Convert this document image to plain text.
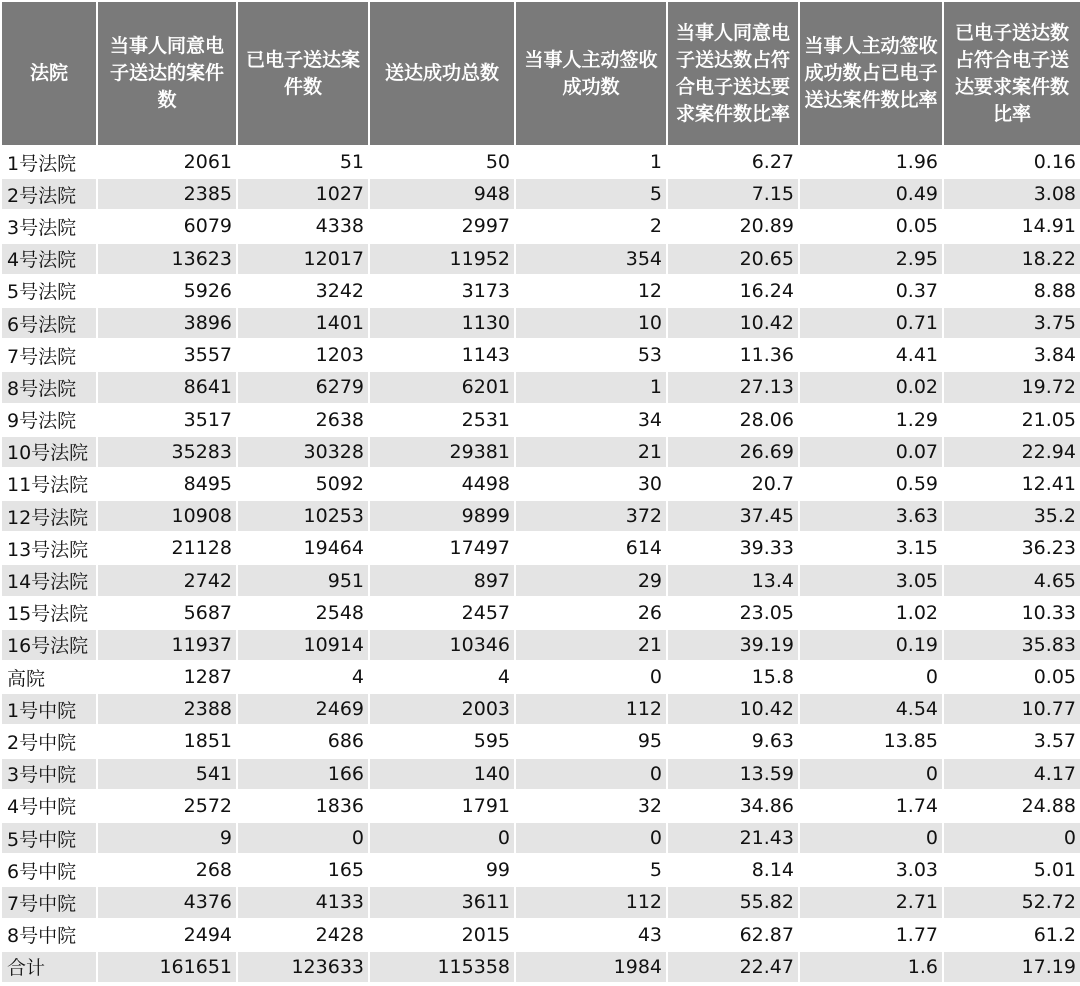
法院	当事人同意电子送达的案件数	已电子送达案件数	送达成功总数	当事人主动签收成功数	当事人同意电子送达数占符合电子送达要求案件数比率	当事人主动签收成功数占已电子送达案件数比率	已电子送达数占符合电子送达要求案件数比率
1号法院	2061	51	50	1	6.27	1.96	0.16
2号法院	2385	1027	948	5	7.15	0.49	3.08
3号法院	6079	4338	2997	2	20.89	0.05	14.91
4号法院	13623	12017	11952	354	20.65	2.95	18.22
5号法院	5926	3242	3173	12	16.24	0.37	8.88
6号法院	3896	1401	1130	10	10.42	0.71	3.75
7号法院	3557	1203	1143	53	11.36	4.41	3.84
8号法院	8641	6279	6201	1	27.13	0.02	19.72
9号法院	3517	2638	2531	34	28.06	1.29	21.05
10号法院	35283	30328	29381	21	26.69	0.07	22.94
11号法院	8495	5092	4498	30	20.7	0.59	12.41
12号法院	10908	10253	9899	372	37.45	3.63	35.2
13号法院	21128	19464	17497	614	39.33	3.15	36.23
14号法院	2742	951	897	29	13.4	3.05	4.65
15号法院	5687	2548	2457	26	23.05	1.02	10.33
16号法院	11937	10914	10346	21	39.19	0.19	35.83
高院	1287	4	4	0	15.8	0	0.05
1号中院	2388	2469	2003	112	10.42	4.54	10.77
2号中院	1851	686	595	95	9.63	13.85	3.57
3号中院	541	166	140	0	13.59	0	4.17
4号中院	2572	1836	1791	32	34.86	1.74	24.88
5号中院	9	0	0	0	21.43	0	0
6号中院	268	165	99	5	8.14	3.03	5.01
7号中院	4376	4133	3611	112	55.82	2.71	52.72
8号中院	2494	2428	2015	43	62.87	1.77	61.2
合计	161651	123633	115358	1984	22.47	1.6	17.19
